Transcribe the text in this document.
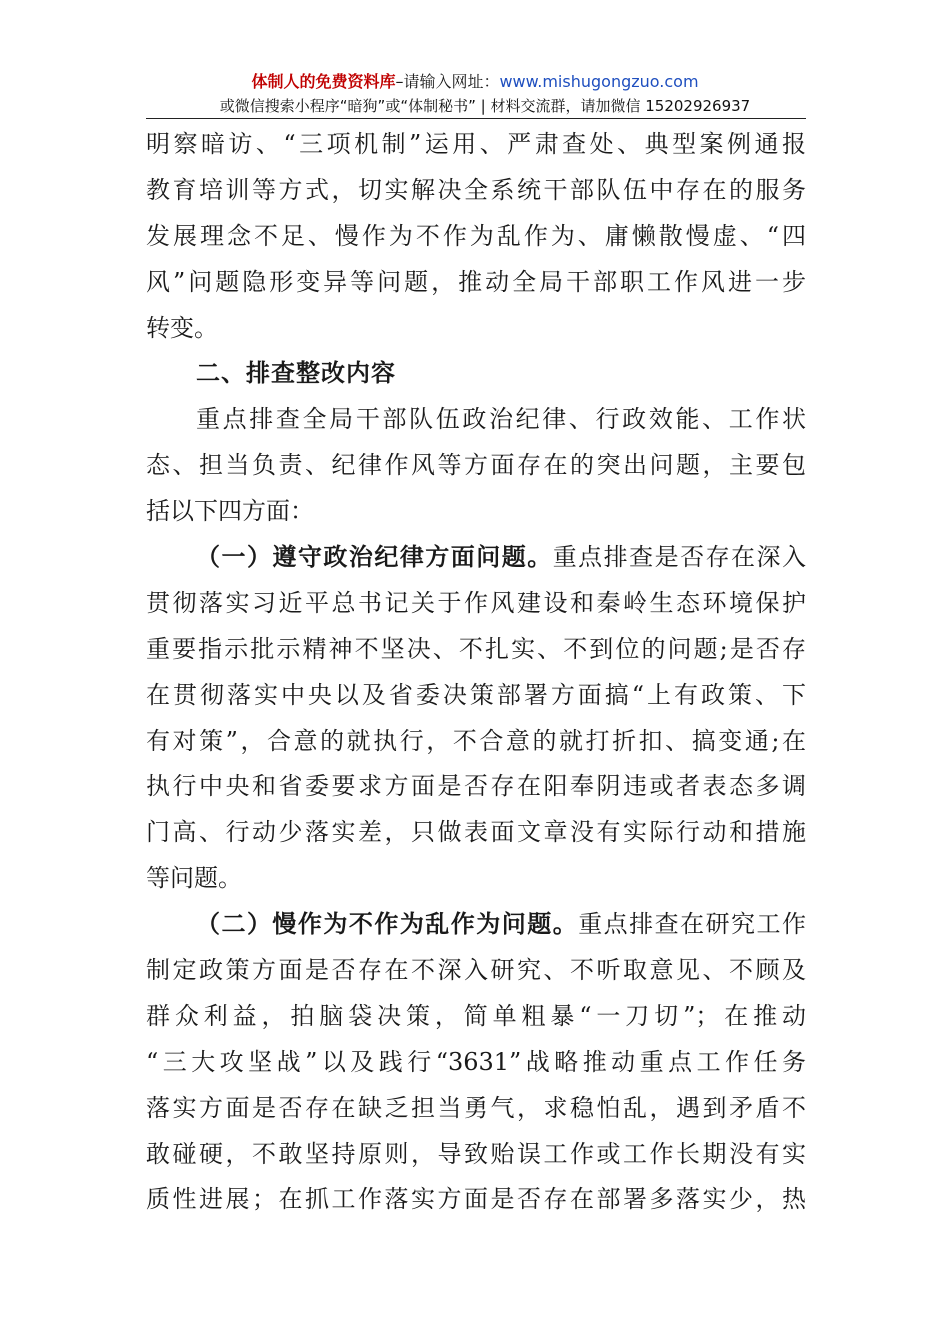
体制人的免费资料库–请输入网址：www.mishugongzuo.com
或微信搜索小程序“暗狗”或“体制秘书” | 材料交流群，请加微信 15202926937
明察暗访、“三项机制”运用、严肃查处、典型案例通报
教育培训等方式，切实解决全系统干部队伍中存在的服务
发展理念不足、慢作为不作为乱作为、庸懒散慢虚、“四
风”问题隐形变异等问题，推动全局干部职工作风进一步
转变。
二、排查整改内容
重点排查全局干部队伍政治纪律、行政效能、工作状
态、担当负责、纪律作风等方面存在的突出问题，主要包
括以下四方面：
（一）遵守政治纪律方面问题。重点排查是否存在深入
贯彻落实习近平总书记关于作风建设和秦岭生态环境保护
重要指示批示精神不坚决、不扎实、不到位的问题;是否存
在贯彻落实中央以及省委决策部署方面搞“上有政策、下
有对策”，合意的就执行，不合意的就打折扣、搞变通;在
执行中央和省委要求方面是否存在阳奉阴违或者表态多调
门高、行动少落实差，只做表面文章没有实际行动和措施
等问题。
（二）慢作为不作为乱作为问题。重点排查在研究工作
制定政策方面是否存在不深入研究、不听取意见、不顾及
群众利益，拍脑袋决策，简单粗暴“一刀切”；在推动
“三大攻坚战”以及践行“3631”战略推动重点工作任务
落实方面是否存在缺乏担当勇气，求稳怕乱，遇到矛盾不
敢碰硬，不敢坚持原则，导致贻误工作或工作长期没有实
质性进展；在抓工作落实方面是否存在部署多落实少，热
